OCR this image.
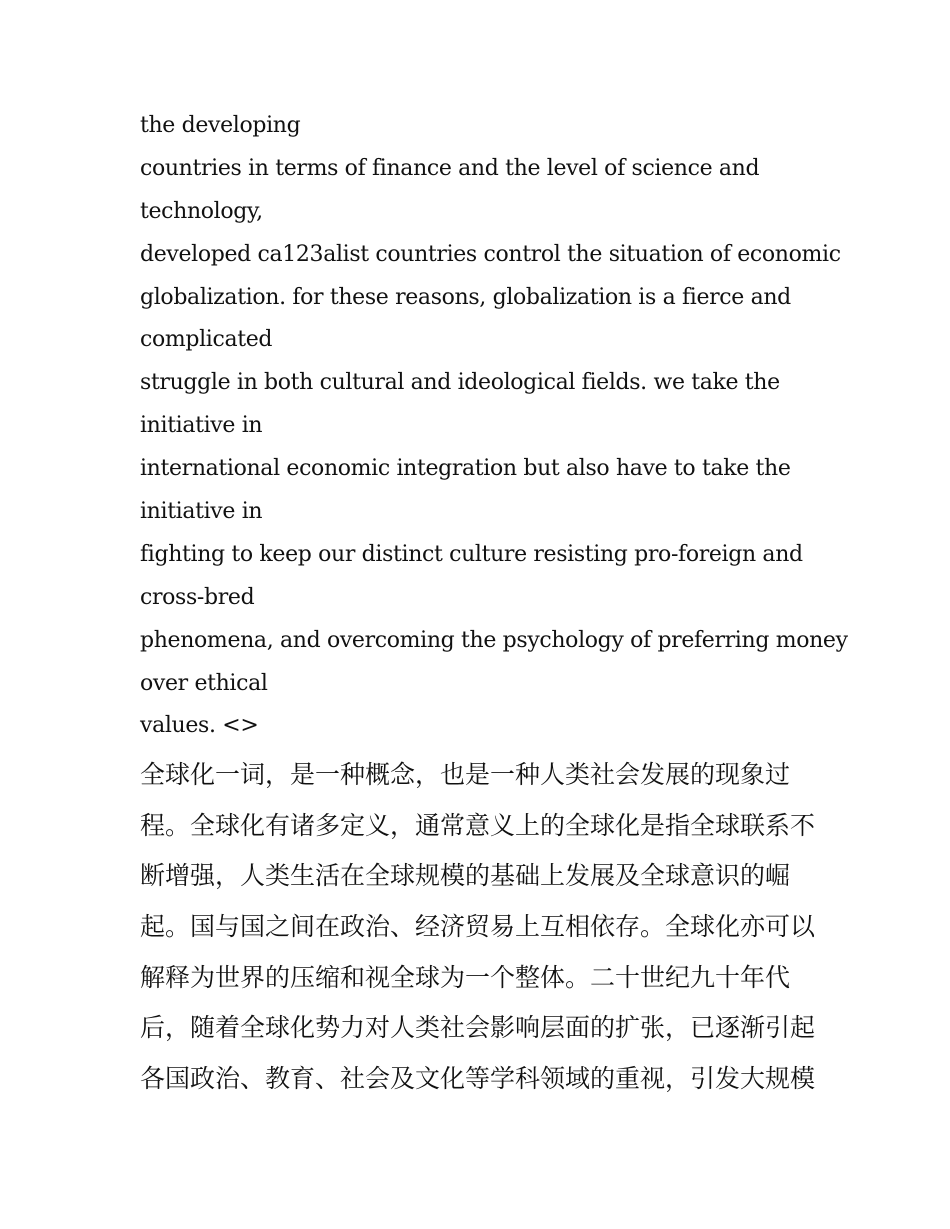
the developing
countries in terms of finance and the level of science and
technology,
developed ca123alist countries control the situation of economic
globalization. for these reasons, globalization is a fierce and
complicated
struggle in both cultural and ideological fields. we take the
initiative in
international economic integration but also have to take the
initiative in
fighting to keep our distinct culture resisting pro-foreign and
cross-bred
phenomena, and overcoming the psychology of preferring money
over ethical
values. <>
全球化一词，是一种概念，也是一种人类社会发展的现象过
程。全球化有诸多定义，通常意义上的全球化是指全球联系不
断增强，人类生活在全球规模的基础上发展及全球意识的崛
起。国与国之间在政治、经济贸易上互相依存。全球化亦可以
解释为世界的压缩和视全球为一个整体。二十世纪九十年代
后，随着全球化势力对人类社会影响层面的扩张，已逐渐引起
各国政治、教育、社会及文化等学科领域的重视，引发大规模
